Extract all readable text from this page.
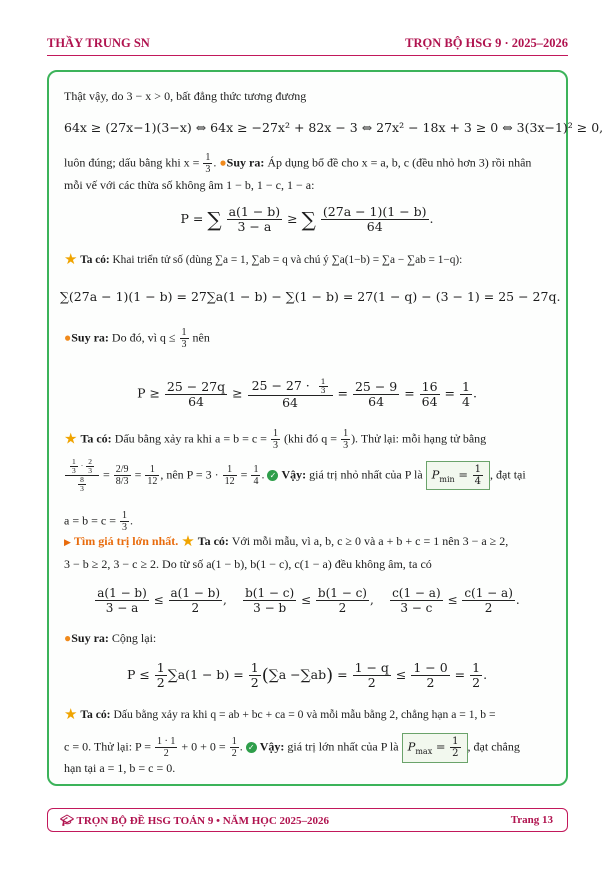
THẦY TRUNG SN	TRỌN BỘ HSG 9 · 2025–2026
Thật vậy, do 3 − x > 0, bất đẳng thức tương đương
64x ≥ (27x−1)(3−x) ⇔ 64x ≥ −27x² + 82x − 3 ⇔ 27x² − 18x + 3 ≥ 0 ⇔ 3(3x−1)² ≥ 0,
luôn đúng; dấu bằng khi $x = \frac{1}{3}$ . ●Suy ra: Áp dụng bổ đề cho x = a, b, c (đều nhỏ hơn 3) rồi nhân
mỗi vế với các thừa số không âm 1 − b, 1 − c, 1 − a:
P = ∑ $\frac{a(1 - b)}{3 - a}$ ≥ ∑ $\frac{(27a - 1)(1 - b)}{64}$ .
★ Ta có: Khai triển tử số (dùng ∑a = 1, ∑ab = q và chú ý ∑a(1−b) = ∑a − ∑ab = 1−q):
∑(27a − 1)(1 − b) = 27∑a(1 − b) − ∑(1 − b) = 27(1 − q) − (3 − 1) = 25 − 27q.
●Suy ra: Do đó, vì $q \le \frac{1}{3}$ nên
$P \ge \frac{25 - 27q}{64} \ge \frac{25 - 27 \cdot \frac{1}{3}}{64} = \frac{25 - 9}{64} = \frac{16}{64} = \frac{1}{4}$ .
★ Ta có: Dấu bằng xảy ra khi $a = b = c = \frac{1}{3} (khi$ đó $q = \frac{1}{3}$ ). Thử lại: mỗi hạng tử bằng
$\frac{\frac{1}{3} \cdot \frac{2}{3}}{\frac{8}{3}} = \frac{2/9}{8/3} = \frac{1}{12}$ , nên $P = 3 \cdot \frac{1}{12} = \frac{1}{4}$ . ✓ Vậy: giá trị nhỏ nhất của P là $P_{min} = \frac{1}{4}$ , đạt tại
$a = b = c = \frac{1}{3}$ .
▶ Tìm giá trị lớn nhất. ★ Ta có: Với mỗi mẫu, vì a, b, c ≥ 0 và a + b + c = 1 nên 3 − a ≥ 2,
3 − b ≥ 2, 3 − c ≥ 2. Do từ số a(1 − b), b(1 − c), c(1 − a) đều không âm, ta có
$\frac{a(1 - b)}{3 - a} \le \frac{a(1 - b)}{2}$ , $\frac{b(1 - c)}{3 - b} \le \frac{b(1 - c)}{2}$ , $\frac{c(1 - a)}{3 - c} \le \frac{c(1 - a)}{2}$ .
●Suy ra: Cộng lại:
$P \le \frac{1}{2} \sum a(1 - b) = \frac{1}{2} (\sum a -\sum ab) = \frac{1 - q}{2} \le \frac{1 - 0}{2} = \frac{1}{2}$ .
★ Ta có: Dấu bằng xảy ra khi q = ab + bc + ca = 0 và mỗi mẫu bằng 2, chẳng hạn a = 1, b =
c = 0. Thử lại: $P = \frac{1 \cdot 1}{2} + 0 + 0 = \frac{1}{2}$ . ✓ Vậy: giá trị lớn nhất của P là $P_{max} = \frac{1}{2}$ , đạt chẳng
hạn tại a = 1, b = c = 0.
🎓︎ TRỌN BỘ ĐỀ HSG TOÁN 9 • NĂM HỌC 2025–2026	Trang 13
